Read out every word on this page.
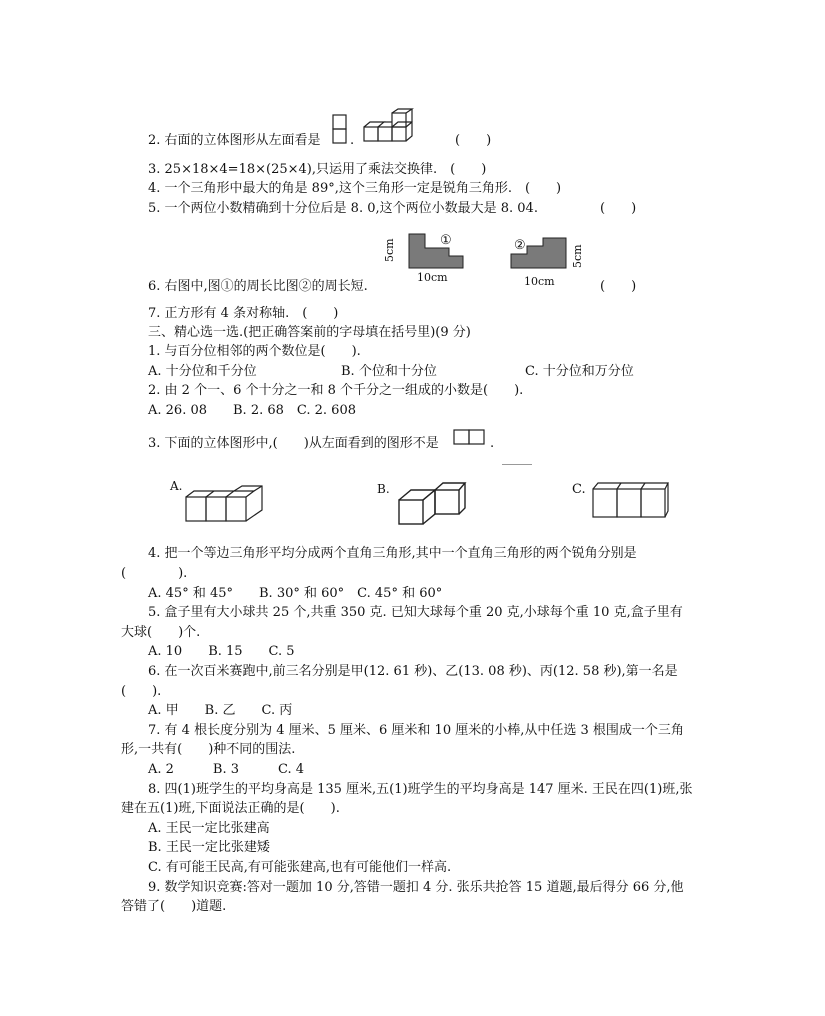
2. 右面的立体图形从左面看是 .	(　　)
3. 25×18×4=18×(25×4),只运用了乘法交换律.　(　　)
4. 一个三角形中最大的角是 89°,这个三角形一定是锐角三角形.　(　　)
5. 一个两位小数精确到十分位后是 8. 0,这个两位小数最大是 8. 04.	(　　)
5cm
10cm
①	②	5cm
10cm
6. 右图中,图①的周长比图②的周长短.	(　　)
7. 正方形有 4 条对称轴.　(　　)
三、精心选一选.(把正确答案前的字母填在括号里)(9 分)
1. 与百分位相邻的两个数位是(　　).
A. 十分位和千分位	B. 个位和十分位	C. 十分位和万分位
2. 由 2 个一、6 个十分之一和 8 个千分之一组成的小数是(　　).
A. 26. 08　　B. 2. 68　C. 2. 608
3. 下面的立体图形中,(　　)从左面看到的图形不是	.
A.	B.	C.
4. 把一个等边三角形平均分成两个直角三角形,其中一个直角三角形的两个锐角分别是
(　　　　).
A. 45° 和 45°　　B. 30° 和 60°　C. 45° 和 60°
5. 盒子里有大小球共 25 个,共重 350 克. 已知大球每个重 20 克,小球每个重 10 克,盒子里有
大球(　　)个.
A. 10　　B. 15　　C. 5
6. 在一次百米赛跑中,前三名分别是甲(12. 61 秒)、乙(13. 08 秒)、丙(12. 58 秒),第一名是
(　　).
A. 甲　　B. 乙　　C. 丙
7. 有 4 根长度分别为 4 厘米、5 厘米、6 厘米和 10 厘米的小棒,从中任选 3 根围成一个三角
形,一共有(　　)种不同的围法.
A. 2　　　B. 3　　　C. 4
8. 四(1)班学生的平均身高是 135 厘米,五(1)班学生的平均身高是 147 厘米. 王民在四(1)班,张
建在五(1)班,下面说法正确的是(　　).
A. 王民一定比张建高
B. 王民一定比张建矮
C. 有可能王民高,有可能张建高,也有可能他们一样高.
9. 数学知识竞赛:答对一题加 10 分,答错一题扣 4 分. 张乐共抢答 15 道题,最后得分 66 分,他
答错了(　　)道题.
